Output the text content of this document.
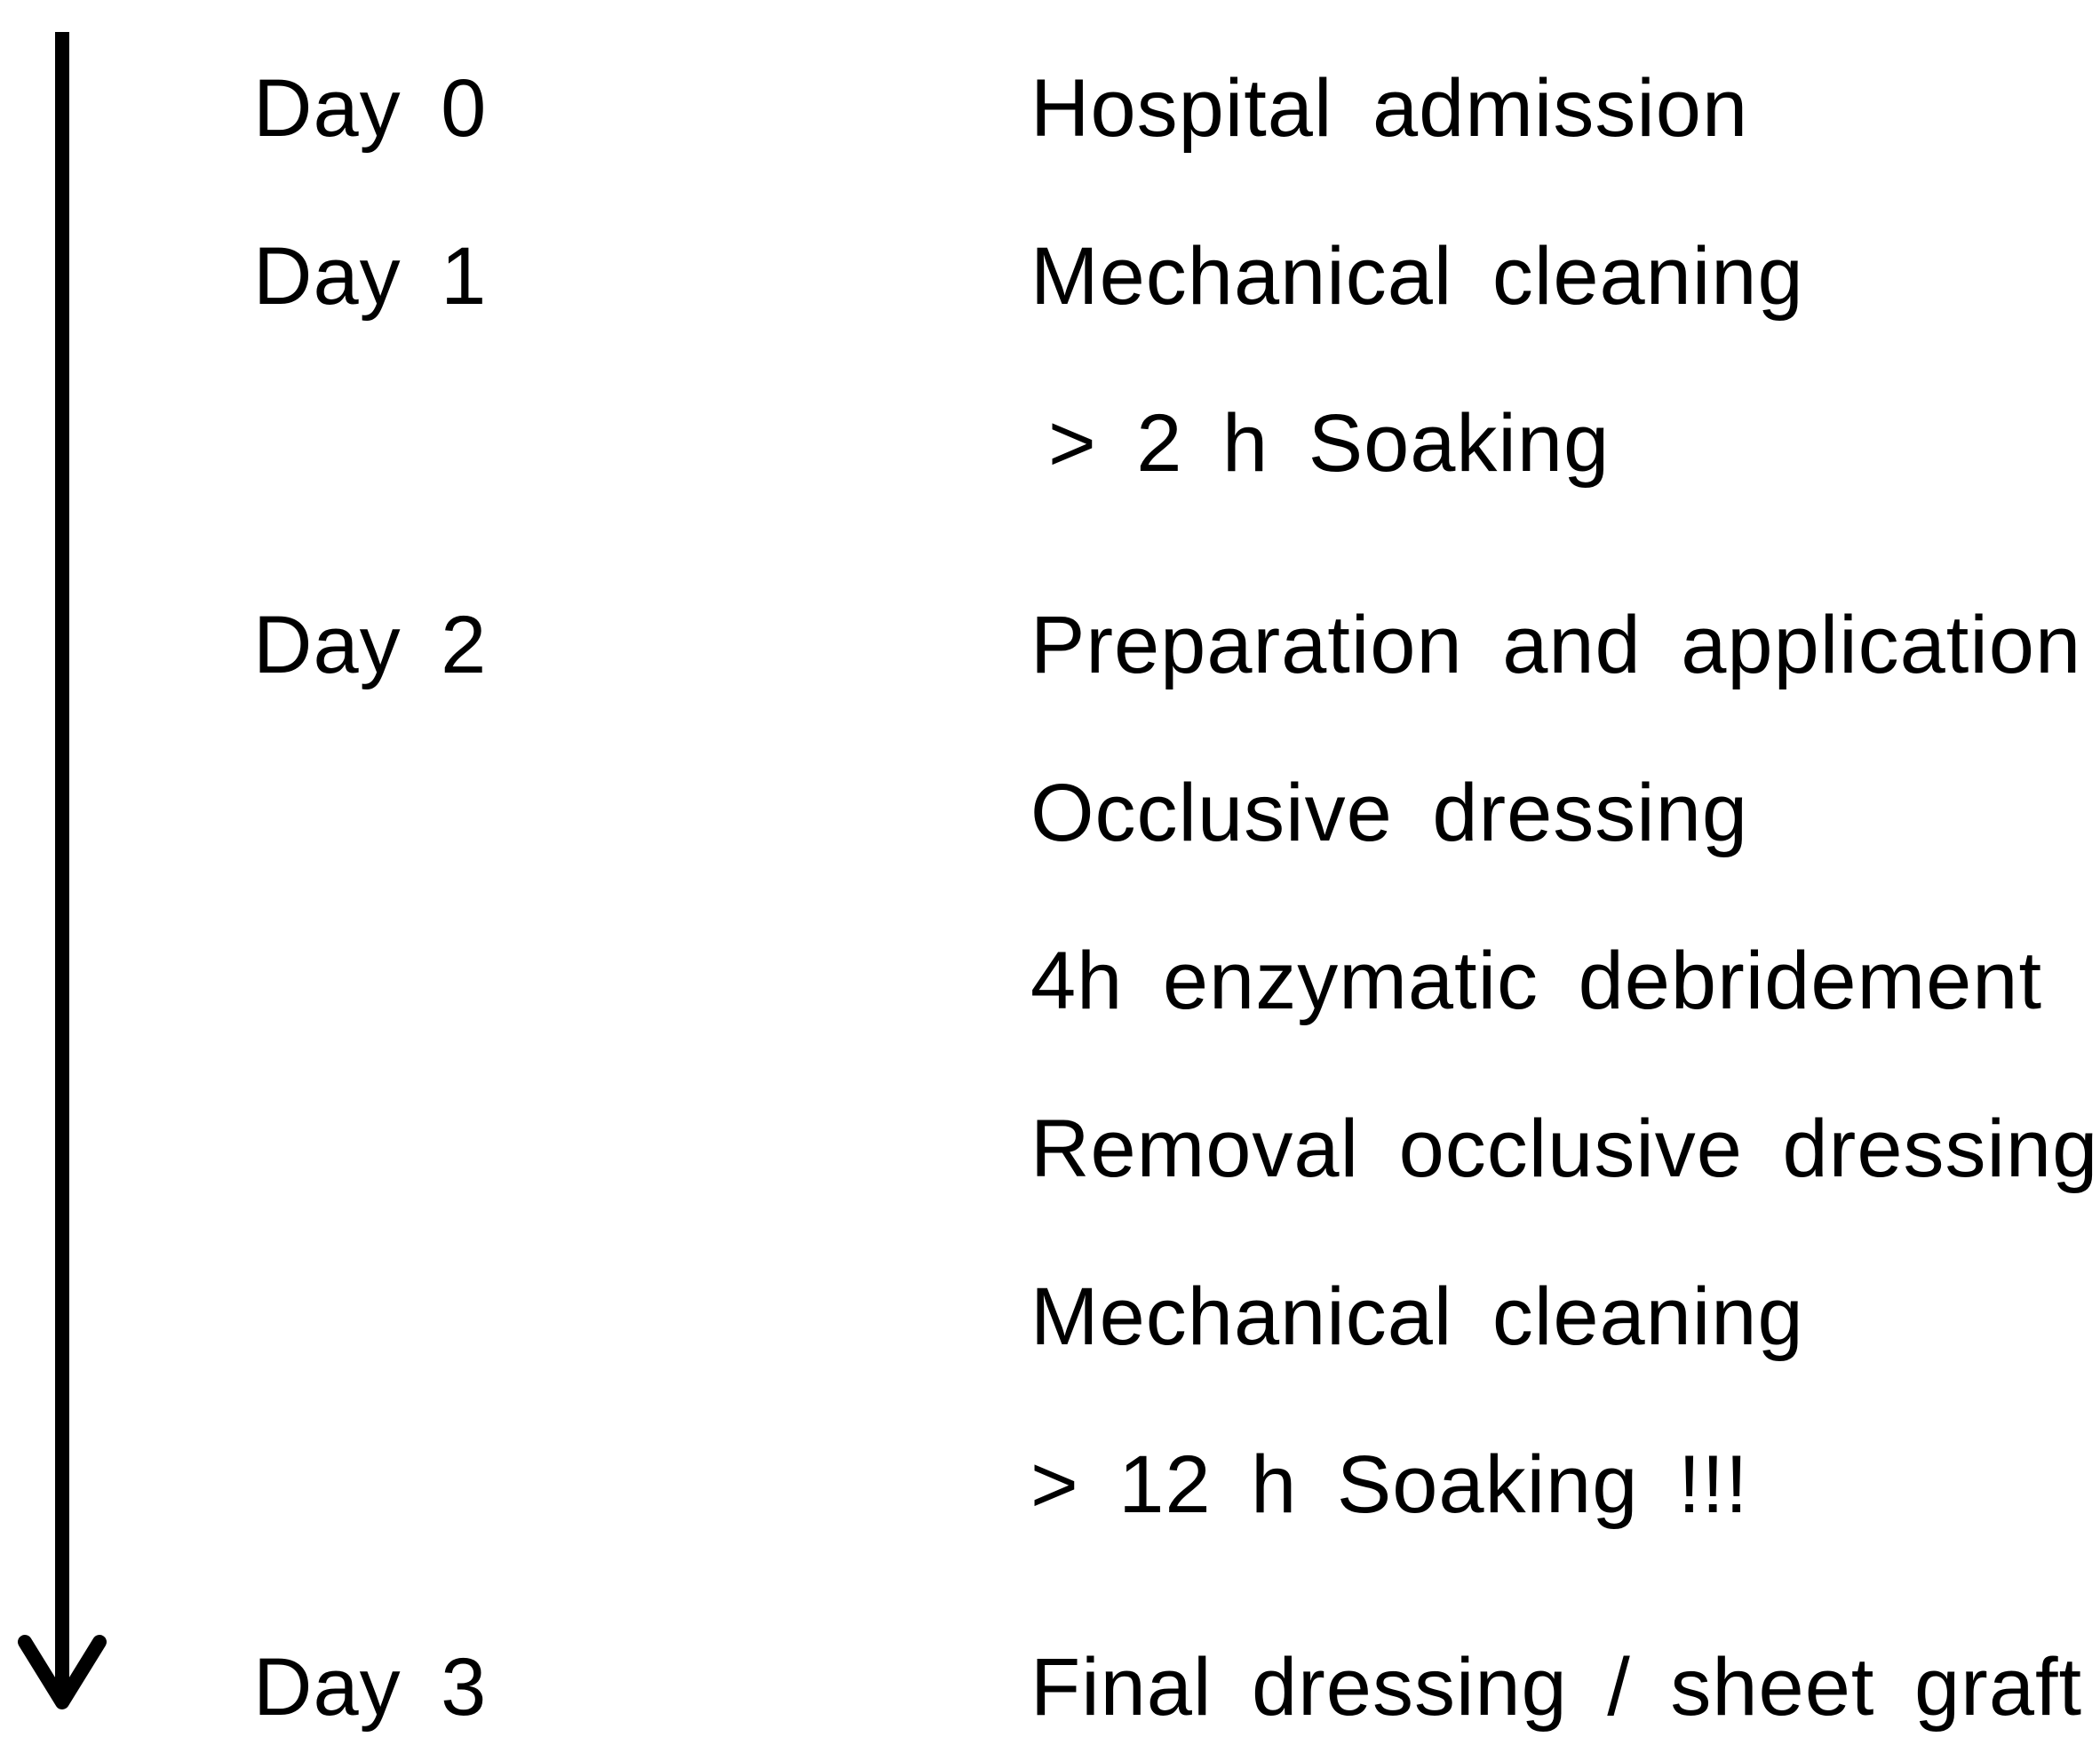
Day 0
Day 1
Day 2
Day 3
Hospital admission
Mechanical cleaning
> 2 h Soaking
Preparation and application
Occlusive dressing
4h enzymatic debridement
Removal occlusive dressing
Mechanical cleaning
> 12 h Soaking !!!
Final dressing / sheet graft
